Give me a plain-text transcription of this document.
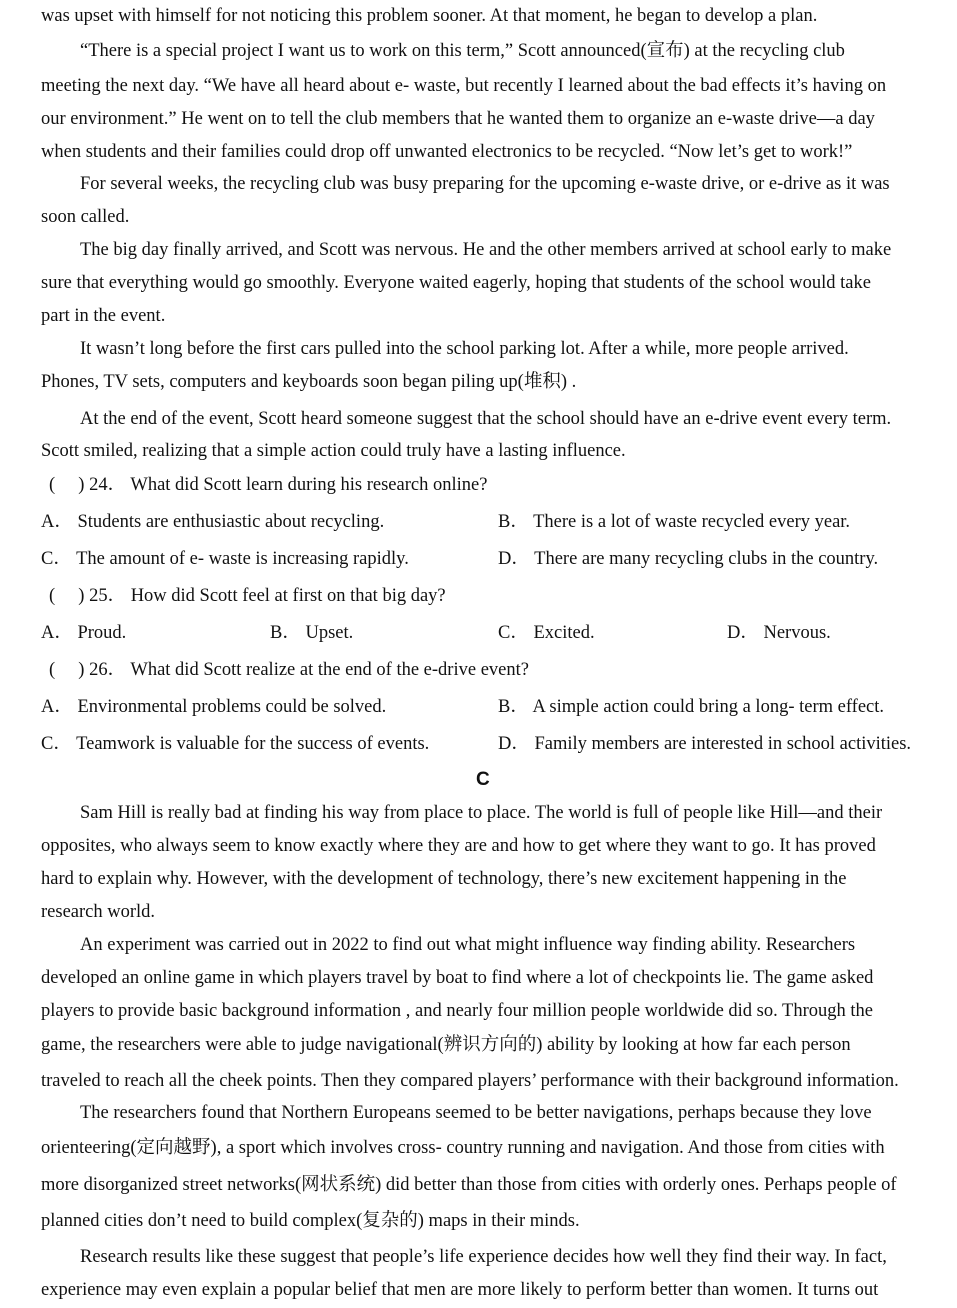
was upset with himself for not noticing this problem sooner. At that moment, he began to develop a plan.
“There is a special project I want us to work on this term,” Scott announced(宣布) at the recycling club
meeting the next day. “We have all heard about e- waste, but recently I learned about the bad effects it’s having on
our environment.” He went on to tell the club members that he wanted them to organize an e-waste drive—a day
when students and their families could drop off unwanted electronics to be recycled. “Now let’s get to work!”
For several weeks, the recycling club was busy preparing for the upcoming e-waste drive, or e-drive as it was
soon called.
The big day finally arrived, and Scott was nervous. He and the other members arrived at school early to make
sure that everything would go smoothly. Everyone waited eagerly, hoping that students of the school would take
part in the event.
It wasn’t long before the first cars pulled into the school parking lot. After a while, more people arrived.
Phones, TV sets, computers and keyboards soon began piling up(堆积) .
At the end of the event, Scott heard someone suggest that the school should have an e-drive event every term.
Scott smiled, realizing that a simple action could truly have a lasting influence.
(　 ) 24． What did Scott learn during his research online?
A． Students are enthusiastic about recycling.	B． There is a lot of waste recycled every year.
C． The amount of e- waste is increasing rapidly.	D． There are many recycling clubs in the country.
(　 ) 25． How did Scott feel at first on that big day?
A． Proud.	B． Upset.	C． Excited.	D． Nervous.
(　 ) 26． What did Scott realize at the end of the e-drive event?
A． Environmental problems could be solved.	B． A simple action could bring a long- term effect.
C． Teamwork is valuable for the success of events.	D． Family members are interested in school activities.
C
Sam Hill is really bad at finding his way from place to place. The world is full of people like Hill—and their
opposites, who always seem to know exactly where they are and how to get where they want to go. It has proved
hard to explain why. However, with the development of technology, there’s new excitement happening in the
research world.
An experiment was carried out in 2022 to find out what might influence way finding ability. Researchers
developed an online game in which players travel by boat to find where a lot of checkpoints lie. The game asked
players to provide basic background information , and nearly four million people worldwide did so. Through the
game, the researchers were able to judge navigational(辨识方向的) ability by looking at how far each person
traveled to reach all the cheek points. Then they compared players’ performance with their background information.
The researchers found that Northern Europeans seemed to be better navigations, perhaps because they love
orienteering(定向越野), a sport which involves cross- country running and navigation. And those from cities with
more disorganized street networks(网状系统) did better than those from cities with orderly ones. Perhaps people of
planned cities don’t need to build complex(复杂的) maps in their minds.
Research results like these suggest that people’s life experience decides how well they find their way. In fact,
experience may even explain a popular belief that men are more likely to perform better than women. It turns out
